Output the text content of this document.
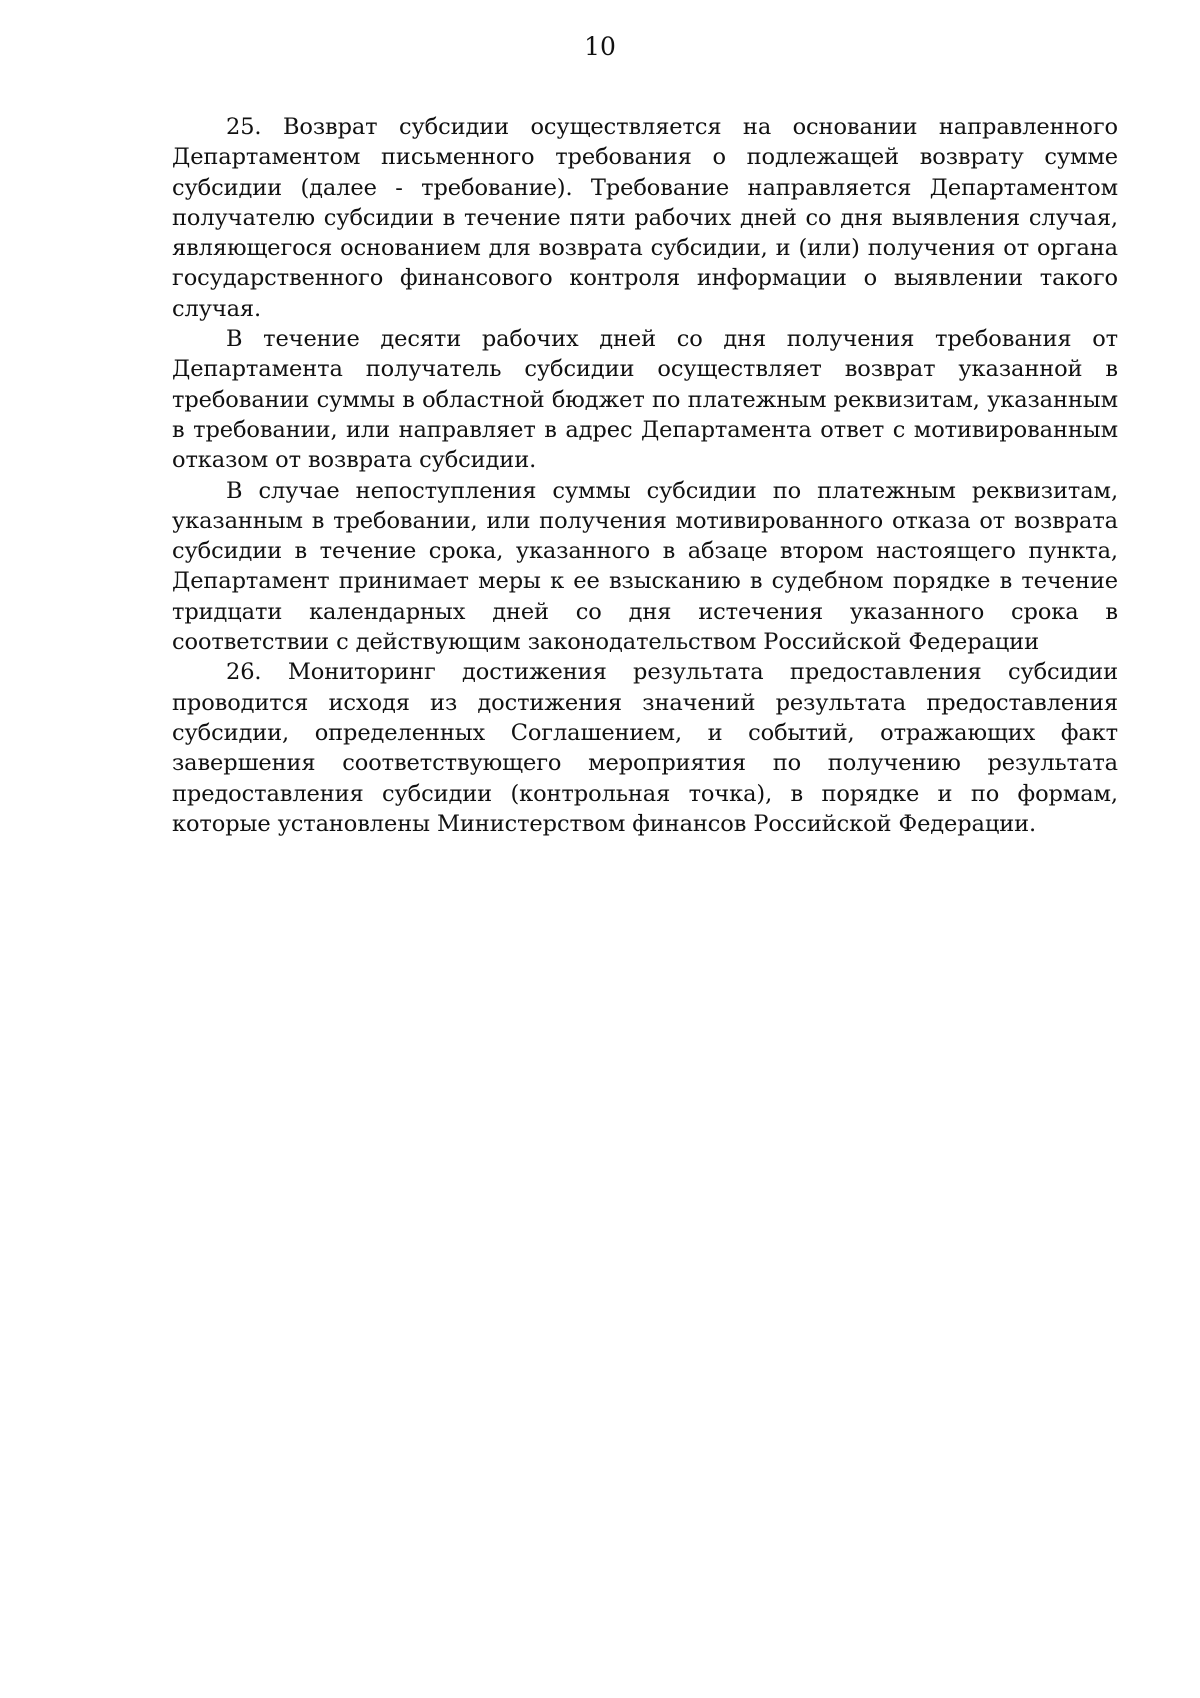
10

25. Возврат субсидии осуществляется на основании направленного Департаментом письменного требования о подлежащей возврату сумме субсидии (далее - требование). Требование направляется Департаментом получателю субсидии в течение пяти рабочих дней со дня выявления случая, являющегося основанием для возврата субсидии, и (или) получения от органа государственного финансового контроля информации о выявлении такого случая.

В течение десяти рабочих дней со дня получения требования от Департамента получатель субсидии осуществляет возврат указанной в требовании суммы в областной бюджет по платежным реквизитам, указанным в требовании, или направляет в адрес Департамента ответ с мотивированным отказом от возврата субсидии.

В случае непоступления суммы субсидии по платежным реквизитам, указанным в требовании, или получения мотивированного отказа от возврата субсидии в течение срока, указанного в абзаце втором настоящего пункта, Департамент принимает меры к ее взысканию в судебном порядке в течение тридцати календарных дней со дня истечения указанного срока в соответствии с действующим законодательством Российской Федерации

26. Мониторинг достижения результата предоставления субсидии проводится исходя из достижения значений результата предоставления субсидии, определенных Соглашением, и событий, отражающих факт завершения соответствующего мероприятия по получению результата предоставления субсидии (контрольная точка), в порядке и по формам, которые установлены Министерством финансов Российской Федерации.
